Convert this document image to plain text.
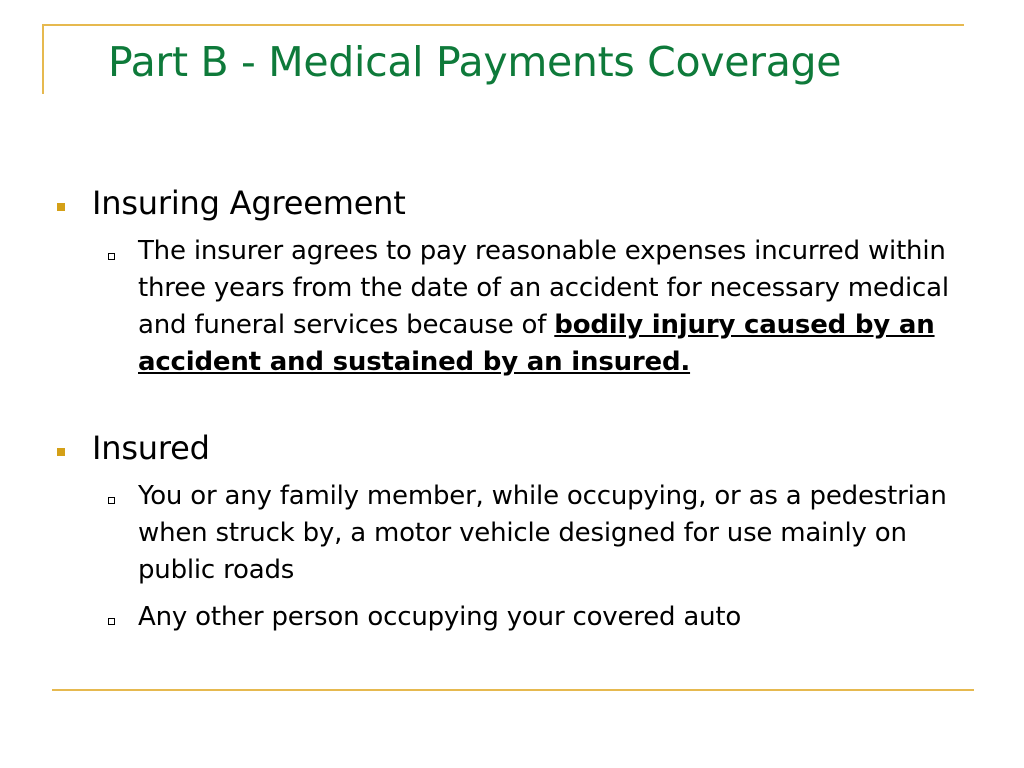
Part B - Medical Payments Coverage
Insuring Agreement
The insurer agrees to pay reasonable expenses incurred within three years from the date of an accident for necessary medical and funeral services because of bodily injury caused by an accident and sustained by an insured.
Insured
You or any family member, while occupying, or as a pedestrian when struck by, a motor vehicle designed for use mainly on public roads
Any other person occupying your covered auto
